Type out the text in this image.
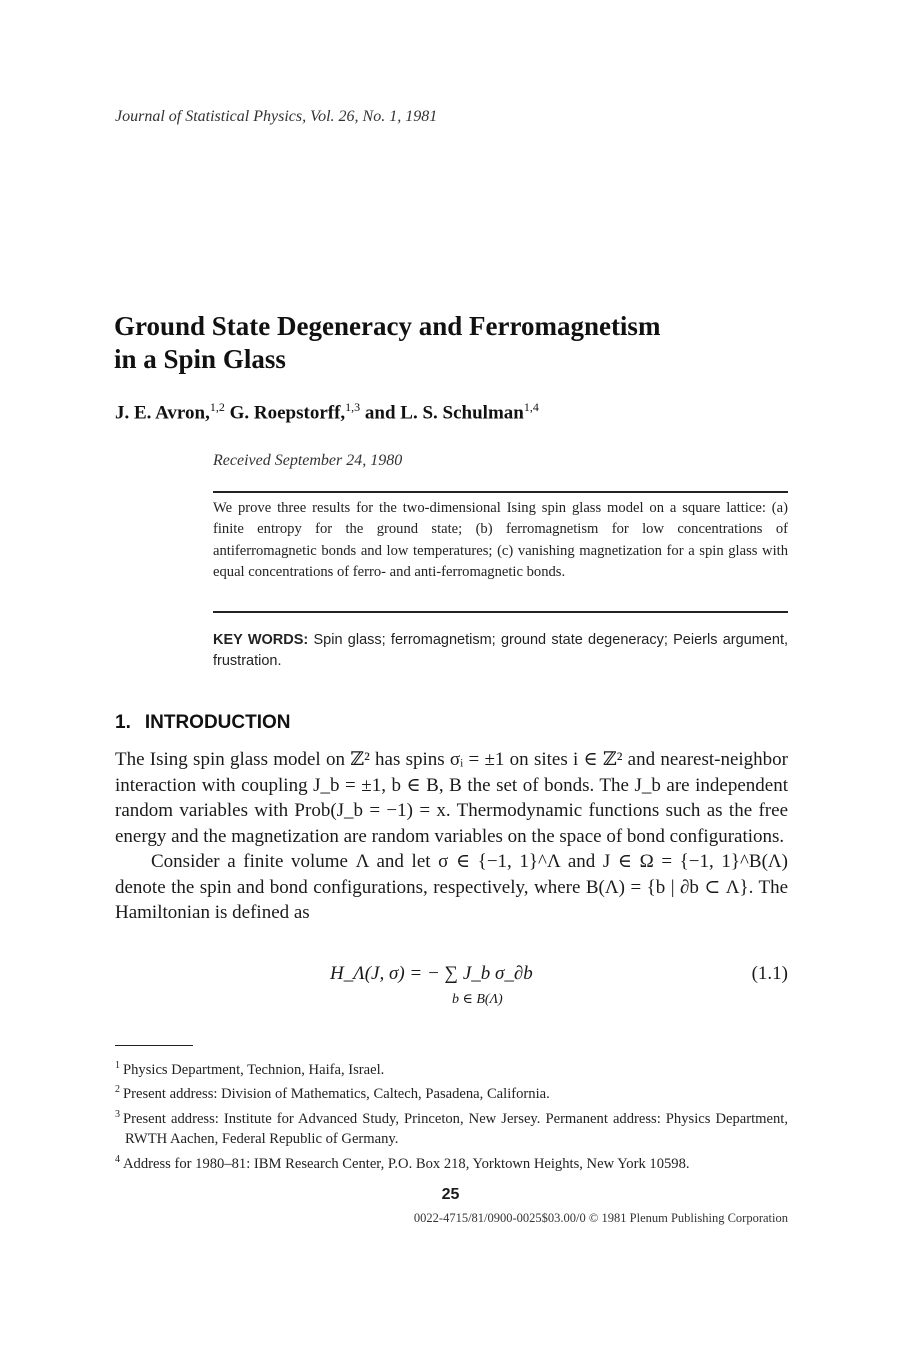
Journal of Statistical Physics, Vol. 26, No. 1, 1981
Ground State Degeneracy and Ferromagnetism
in a Spin Glass
J. E. Avron,$^{1,2}$ G. Roepstorff,$^{1,3}$ and L. S. Schulman$^{1,4}$
Received September 24, 1980
We prove three results for the two-dimensional Ising spin glass model on a square lattice: (a) finite entropy for the ground state; (b) ferromagnetism for low concentrations of antiferromagnetic bonds and low temperatures; (c) vanishing magnetization for a spin glass with equal concentrations of ferro- and anti-ferromagnetic bonds.
KEY WORDS: Spin glass; ferromagnetism; ground state degeneracy; Peierls argument, frustration.
1. INTRODUCTION

The Ising spin glass model on ℤ² has spins σᵢ = ±1 on sites i ∈ ℤ² and nearest-neighbor interaction with coupling J_b = ±1, b ∈ B, B the set of bonds. The J_b are independent random variables with Prob(J_b = −1) = x. Thermodynamic functions such as the free energy and the magnetization are random variables on the space of bond configurations.

Consider a finite volume Λ and let σ ∈ {−1, 1}^Λ and J ∈ Ω = {−1, 1}^B(Λ) denote the spin and bond configurations, respectively, where B(Λ) = {b | ∂b ⊂ Λ}. The Hamiltonian is defined as

H_Λ(J, σ) = − ∑ J_b σ_∂b
b ∈ B(Λ)
(1.1)
$^1$ Physics Department, Technion, Haifa, Israel.
$^2$ Present address: Division of Mathematics, Caltech, Pasadena, California.
$^3$ Present address: Institute for Advanced Study, Princeton, New Jersey. Permanent address: Physics Department, RWTH Aachen, Federal Republic of Germany.
$^4$ Address for 1980–81: IBM Research Center, P.O. Box 218, Yorktown Heights, New York 10598.
25
0022-4715/81/0900-0025$03.00/0 © 1981 Plenum Publishing Corporation
